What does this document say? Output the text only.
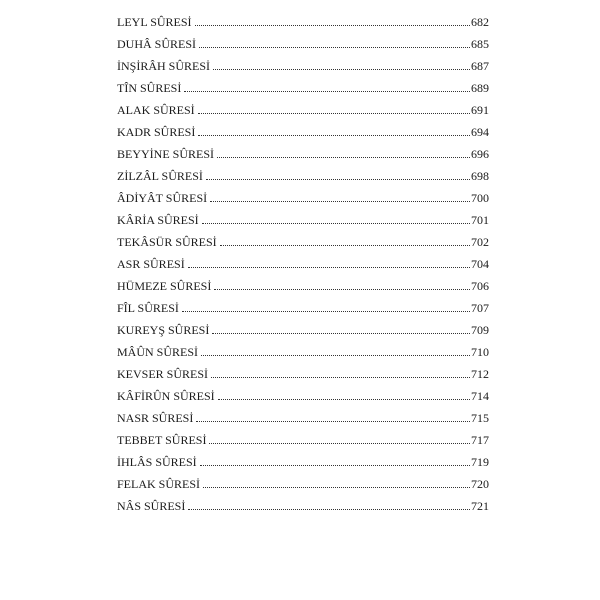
LEYL SÛRESİ	682
DUHÂ SÛRESİ	685
İNŞİRÂH SÛRESİ	687
TÎN SÛRESİ	689
ALAK SÛRESİ	691
KADR SÛRESİ	694
BEYYİNE SÛRESİ	696
ZİLZÂL SÛRESİ	698
ÂDİYÂT SÛRESİ	700
KÂRİA SÛRESİ	701
TEKÂSÜR SÛRESİ	702
ASR SÛRESİ	704
HÜMEZE SÛRESİ	706
FÎL SÛRESİ	707
KUREYŞ SÛRESİ	709
MÂÛN SÛRESİ	710
KEVSER SÛRESİ	712
KÂFİRÛN SÛRESİ	714
NASR SÛRESİ	715
TEBBET SÛRESİ	717
İHLÂS SÛRESİ	719
FELAK SÛRESİ	720
NÂS SÛRESİ	721
